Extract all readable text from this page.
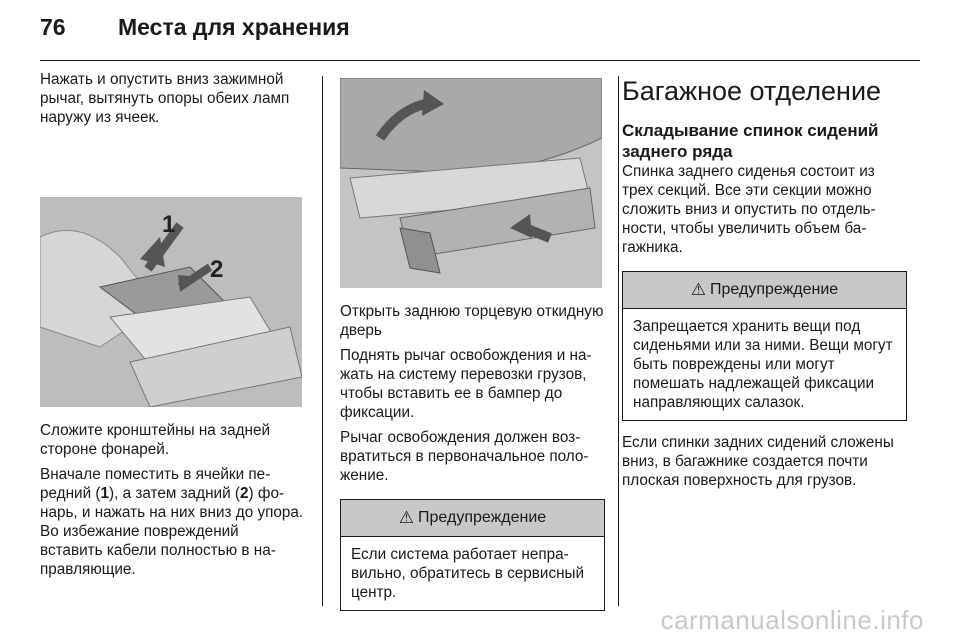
76	Места для хранения

Нажать и опустить вниз зажимной рычаг, вытянуть опоры обеих ламп наружу из ячеек.

1
2

Сложите кронштейны на задней стороне фонарей.

Вначале поместить в ячейки передний (1), а затем задний (2) фонарь, и нажать на них вниз до упора. Во избежание повреждений вставить кабели полностью в направляющие.

Открыть заднюю торцевую откидную дверь

Поднять рычаг освобождения и нажать на систему перевозки грузов, чтобы вставить ее в бампер до фиксации.

Рычаг освобождения должен возвратиться в первоначальное положение.

⚠ Предупреждение

Если система работает неправильно, обратитесь в сервисный центр.

Багажное отделение
Складывание спинок сидений заднего ряда

Спинка заднего сиденья состоит из трех секций. Все эти секции можно сложить вниз и опустить по отдельности, чтобы увеличить объем багажника.

⚠ Предупреждение

Запрещается хранить вещи под сиденьями или за ними. Вещи могут быть повреждены или могут помешать надлежащей фиксации направляющих салазок.

Если спинки задних сидений сложены вниз, в багажнике создается почти плоская поверхность для грузов.

carmanualsonline.info
